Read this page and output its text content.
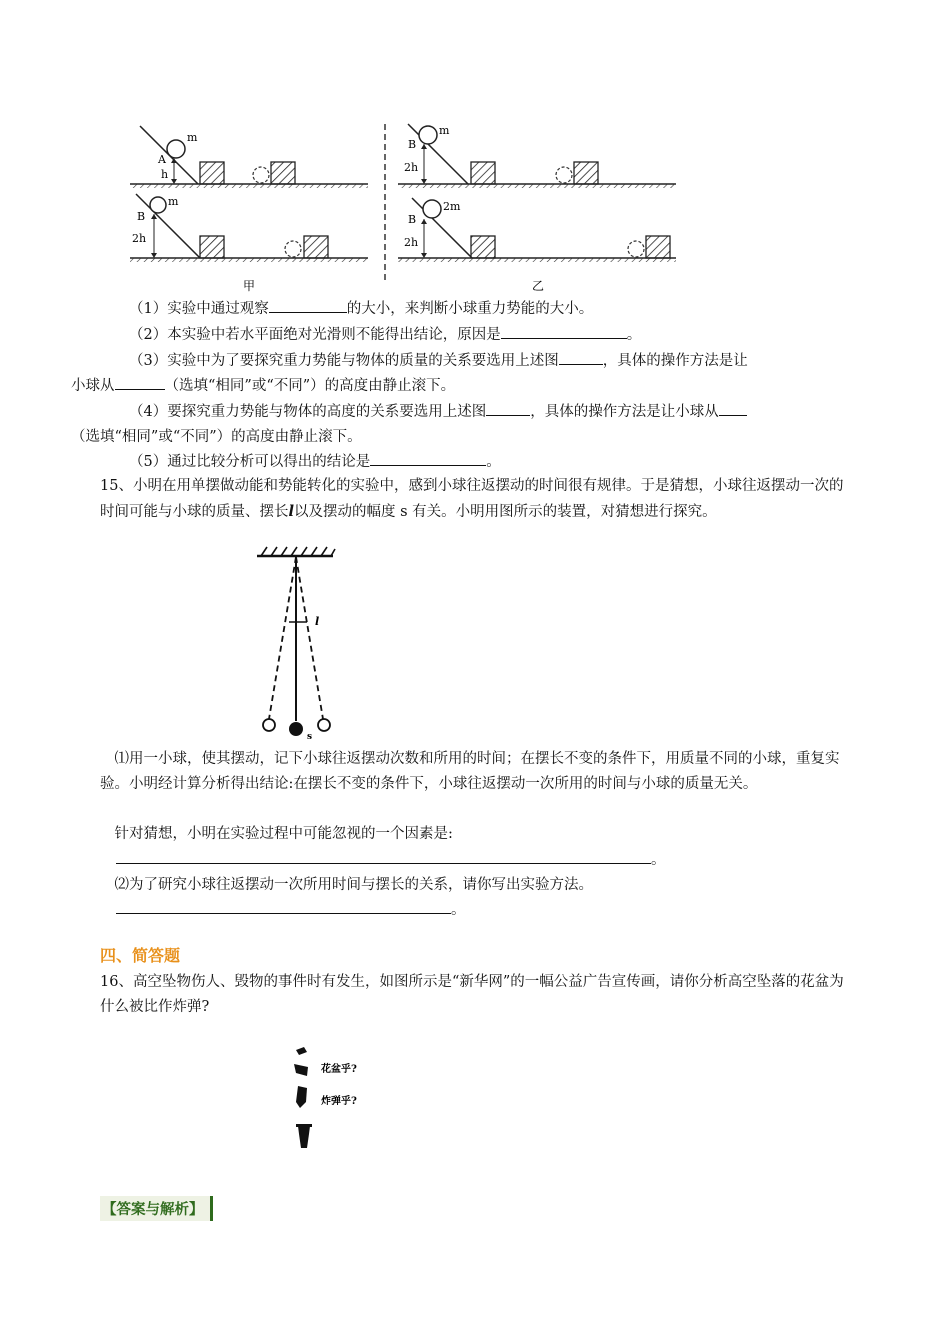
m
A
h
m
B
2h
m
B
2h
2m
B
2h
甲	乙

（1）实验中通过观察	的大小，来判断小球重力势能的大小。

（2）本实验中若水平面绝对光滑则不能得出结论，原因是	。

（3）实验中为了要探究重力势能与物体的质量的关系要选用上述图	，具体的操作方法是让
小球从	（选填“相同”或“不同”）的高度由静止滚下。

（4）要探究重力势能与物体的高度的关系要选用上述图	，具体的操作方法是让小球从
（选填“相同”或“不同”）的高度由静止滚下。

（5）通过比较分析可以得出的结论是	。

15、小明在用单摆做动能和势能转化的实验中，感到小球往返摆动的时间很有规律。于是猜想，小球往返摆动一次的时间可能与小球的质量、摆长l以及摆动的幅度 s 有关。小明用图所示的装置，对猜想进行探究。

l
s

⑴用一小球，使其摆动，记下小球往返摆动次数和所用的时间；在摆长不变的条件下，用质量不同的小球，重复实验。小明经计算分析得出结论:在摆长不变的条件下，小球往返摆动一次所用的时间与小球的质量无关。

针对猜想，小明在实验过程中可能忽视的一个因素是:

。

⑵为了研究小球往返摆动一次所用时间与摆长的关系，请你写出实验方法。

。

四、简答题

16、高空坠物伤人、毁物的事件时有发生，如图所示是“新华网”的一幅公益广告宣传画，请你分析高空坠落的花盆为什么被比作炸弹?

花盆乎?
炸弹乎?
【答案与解析】
